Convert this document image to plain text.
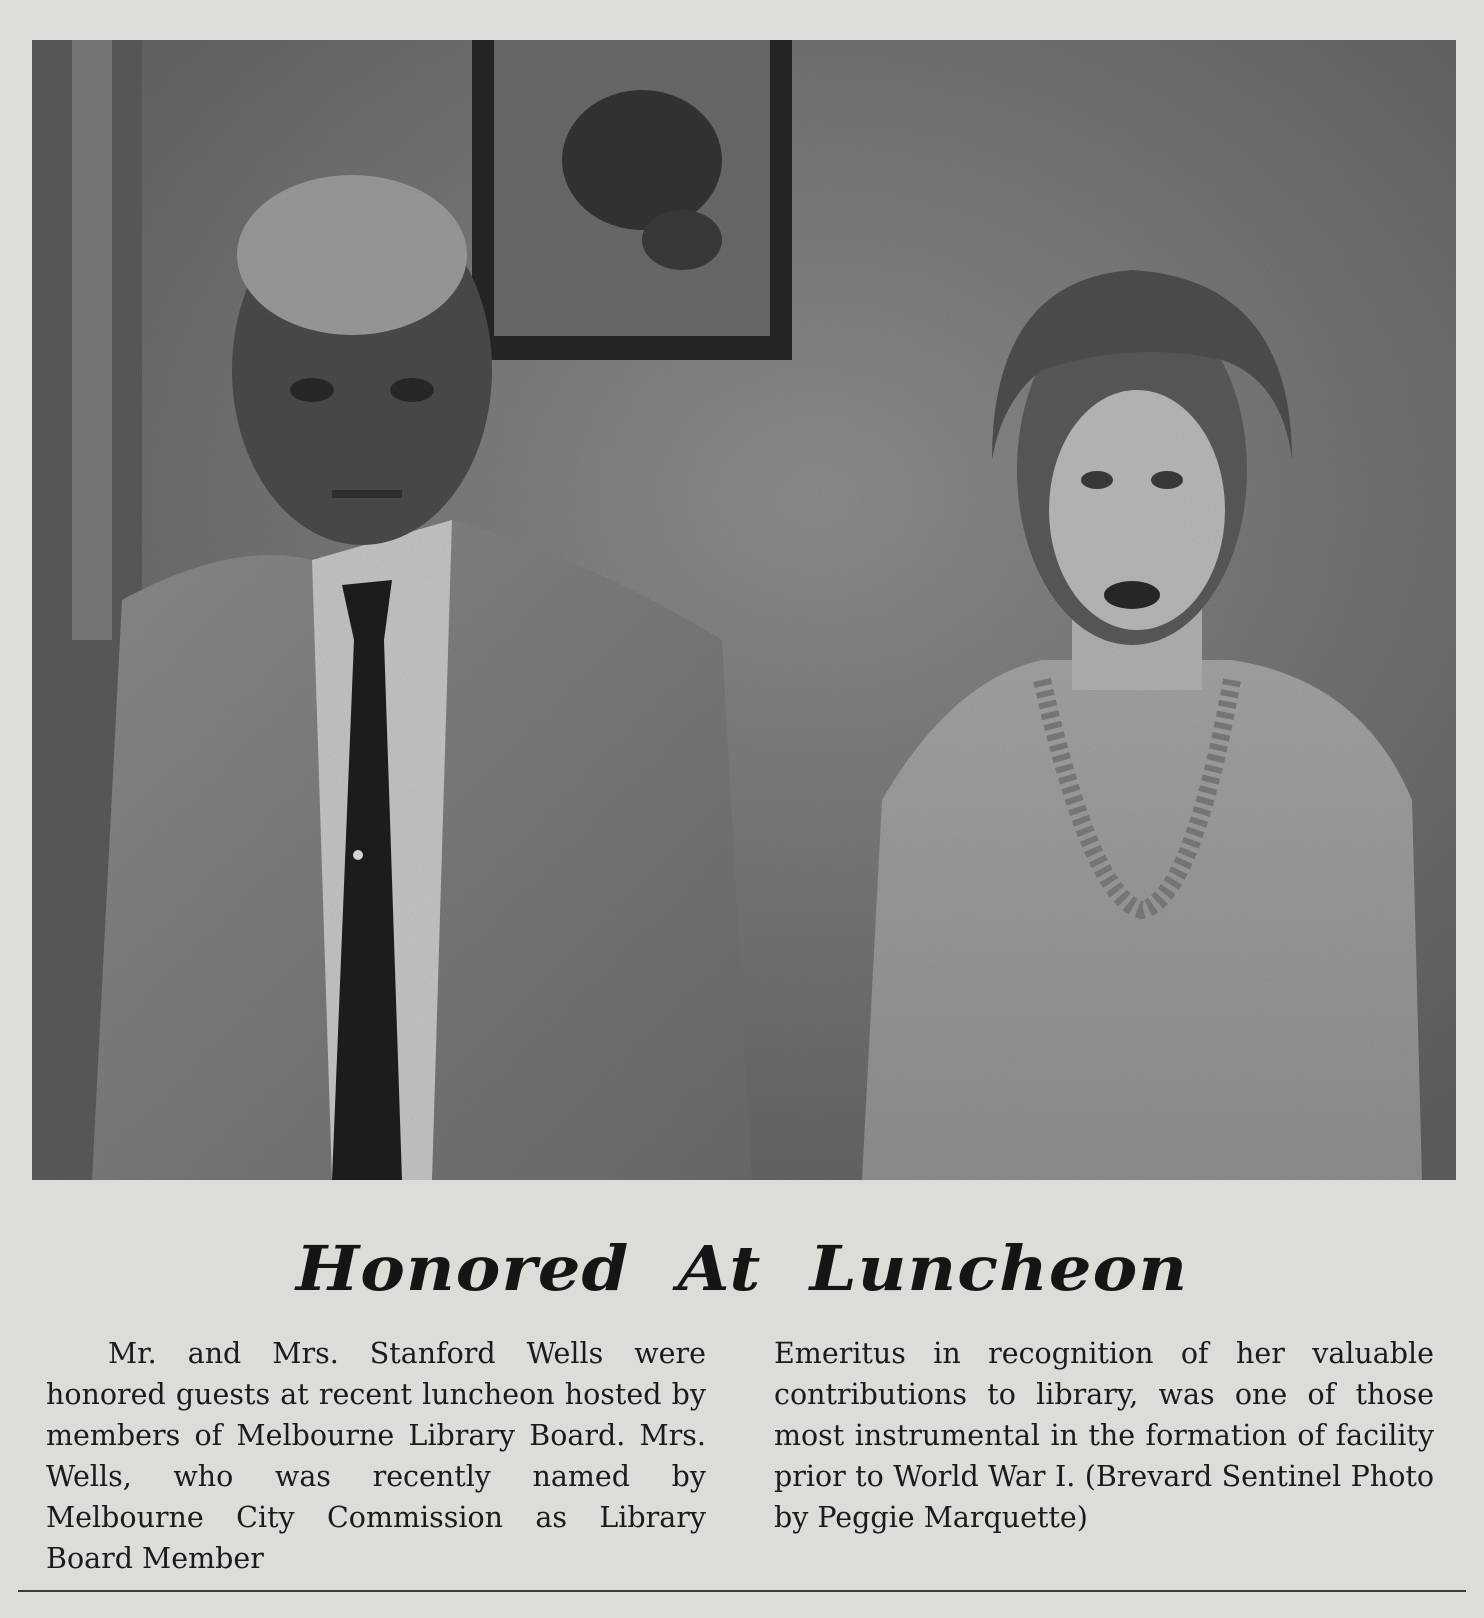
Honored At Luncheon
Mr. and Mrs. Stanford Wells were honored guests at recent luncheon hosted by members of Melbourne Library Board. Mrs. Wells, who was recently named by Melbourne City Commission as Library Board Member
Emeritus in recognition of her valuable contributions to library, was one of those most instrumental in the formation of facility prior to World War I. (Brevard Sentinel Photo by Peggie Marquette)
